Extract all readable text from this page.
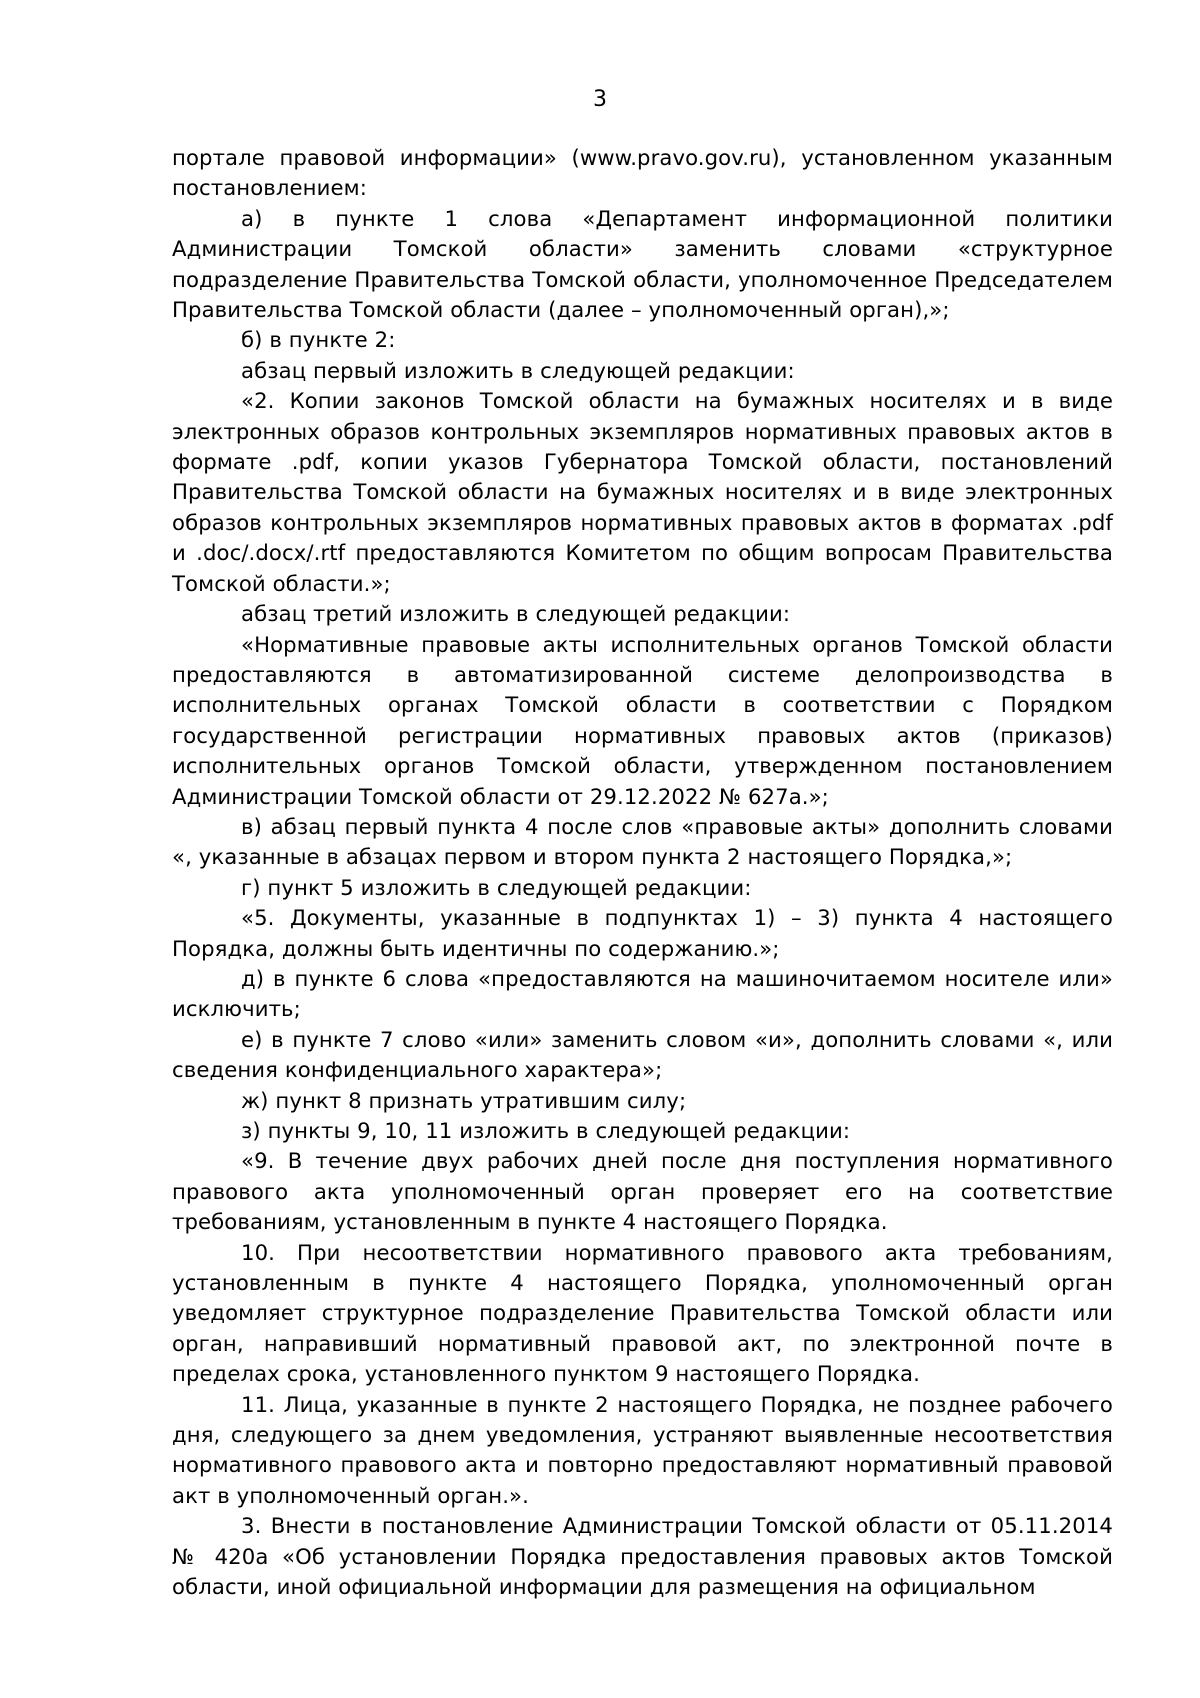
3

портале правовой информации» (www.pravo.gov.ru), установленном указанным постановлением:

а) в пункте 1 слова «Департамент информационной политики Администрации Томской области» заменить словами «структурное подразделение Правительства Томской области, уполномоченное Председателем Правительства Томской области (далее – уполномоченный орган),»;

б) в пункте 2:

абзац первый изложить в следующей редакции:

«2. Копии законов Томской области на бумажных носителях и в виде электронных образов контрольных экземпляров нормативных правовых актов в формате .pdf, копии указов Губернатора Томской области, постановлений Правительства Томской области на бумажных носителях и в виде электронных образов контрольных экземпляров нормативных правовых актов в форматах .pdf и .doc/.docx/.rtf предоставляются Комитетом по общим вопросам Правительства Томской области.»;

абзац третий изложить в следующей редакции:

«Нормативные правовые акты исполнительных органов Томской области предоставляются в автоматизированной системе делопроизводства в исполнительных органах Томской области в соответствии с Порядком государственной регистрации нормативных правовых актов (приказов) исполнительных органов Томской области, утвержденном постановлением Администрации Томской области от 29.12.2022 № 627а.»;

в) абзац первый пункта 4 после слов «правовые акты» дополнить словами «, указанные в абзацах первом и втором пункта 2 настоящего Порядка,»;

г) пункт 5 изложить в следующей редакции:

«5. Документы, указанные в подпунктах 1) – 3) пункта 4 настоящего Порядка, должны быть идентичны по содержанию.»;

д) в пункте 6 слова «предоставляются на машиночитаемом носителе или» исключить;

е) в пункте 7 слово «или» заменить словом «и», дополнить словами «, или сведения конфиденциального характера»;

ж) пункт 8 признать утратившим силу;

з) пункты 9, 10, 11 изложить в следующей редакции:

«9. В течение двух рабочих дней после дня поступления нормативного правового акта уполномоченный орган проверяет его на соответствие требованиям, установленным в пункте 4 настоящего Порядка.

10. При несоответствии нормативного правового акта требованиям, установленным в пункте 4 настоящего Порядка, уполномоченный орган уведомляет структурное подразделение Правительства Томской области или орган, направивший нормативный правовой акт, по электронной почте в пределах срока, установленного пунктом 9 настоящего Порядка.

11. Лица, указанные в пункте 2 настоящего Порядка, не позднее рабочего дня, следующего за днем уведомления, устраняют выявленные несоответствия нормативного правового акта и повторно предоставляют нормативный правовой акт в уполномоченный орган.».

3. Внести в постановление Администрации Томской области от 05.11.2014 № 420а «Об установлении Порядка предоставления правовых актов Томской области, иной официальной информации для размещения на официальном
